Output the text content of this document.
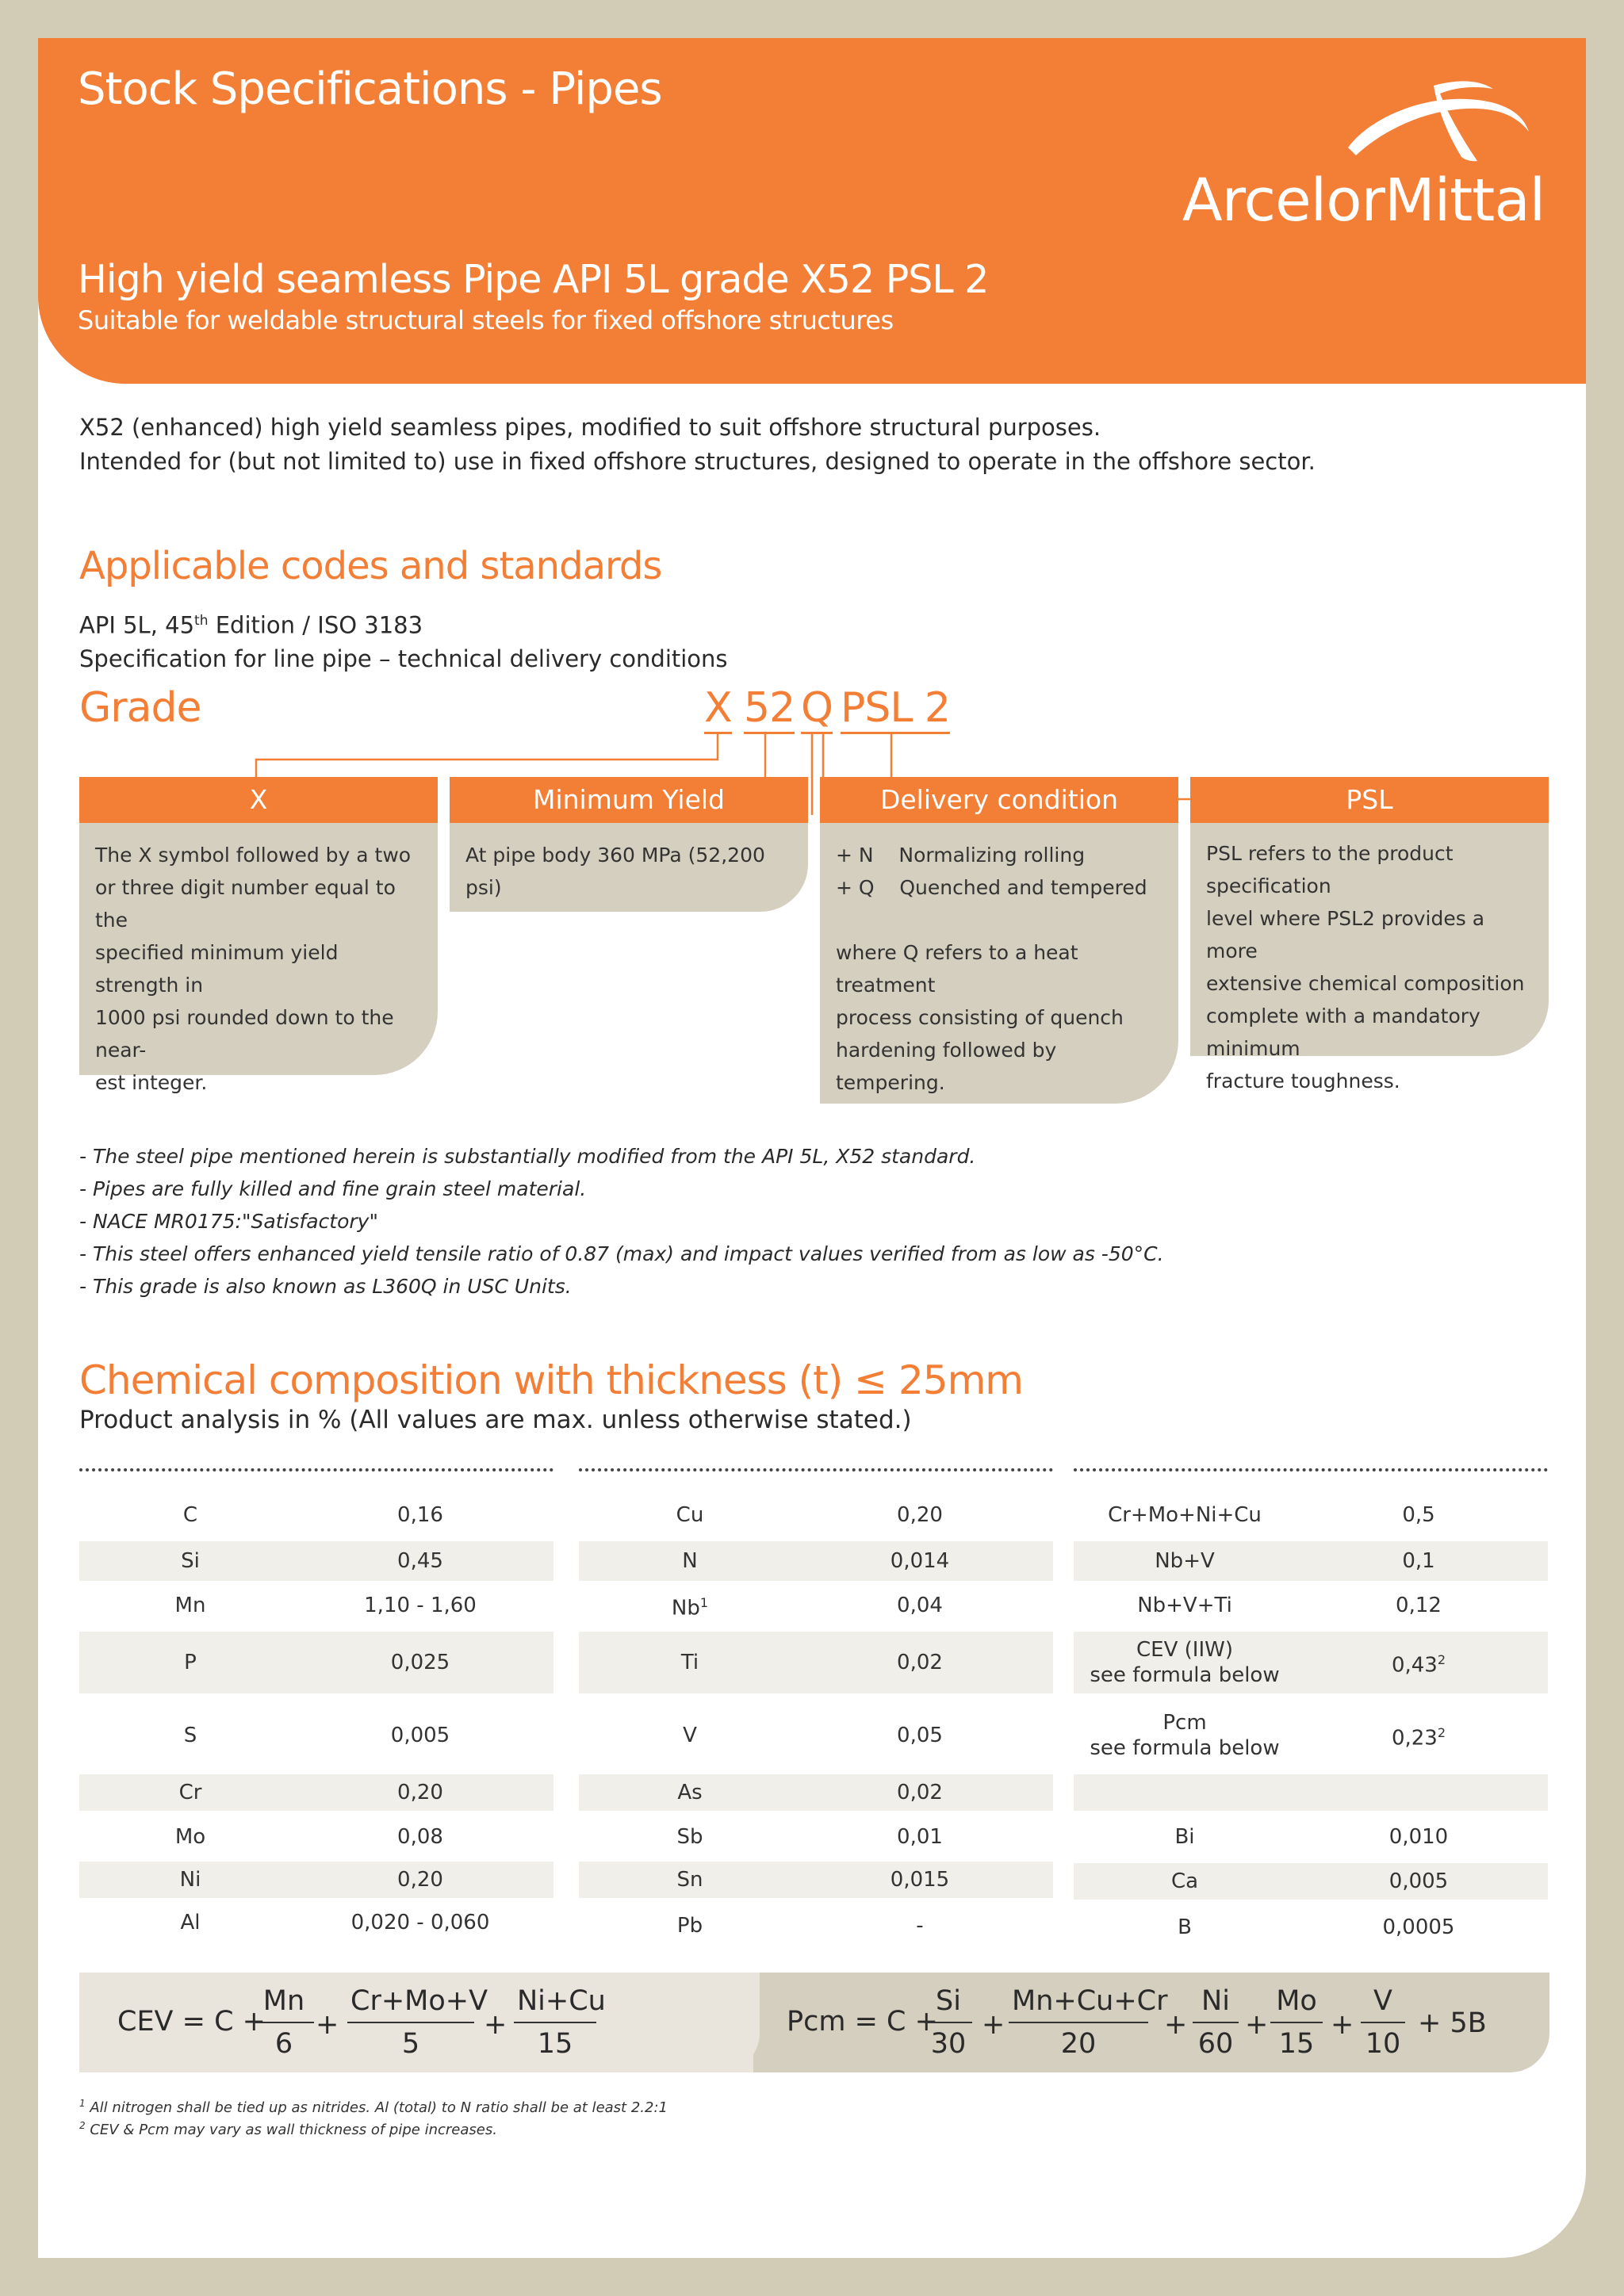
Stock Specifications - Pipes
ArcelorMittal
High yield seamless Pipe API 5L grade X52 PSL 2
Suitable for weldable structural steels for fixed offshore structures
X52 (enhanced) high yield seamless pipes, modified to suit offshore structural purposes.
Intended for (but not limited to) use in fixed offshore structures, designed to operate in the offshore sector.
Applicable codes and standards
API 5L, 45th Edition / ISO 3183
Specification for line pipe – technical delivery conditions
Grade	X 52 Q PSL 2
X
The X symbol followed by a two
or three digit number equal to the
specified minimum yield strength in
1000 psi rounded down to the near-
est integer.
Minimum Yield
At pipe body 360 MPa (52,200 psi)
Delivery condition
+ N    Normalizing rolling
+ Q    Quenched and tempered
where Q refers to a heat treatment
process consisting of quench
hardening followed by tempering.
PSL
PSL refers to the product specification
level where PSL2 provides a more
extensive chemical composition
complete with a mandatory minimum
fracture toughness.
- The steel pipe mentioned herein is substantially modified from the API 5L, X52 standard.
- Pipes are fully killed and fine grain steel material.
- NACE MR0175:"Satisfactory"
- This steel offers enhanced yield tensile ratio of 0.87 (max) and impact values verified from as low as -50°C.
- This grade is also known as L360Q in USC Units.
Chemical composition with thickness (t) ≤ 25mm
Product analysis in % (All values are max. unless otherwise stated.)
C	0,16
Si	0,45
Mn	1,10 - 1,60
P	0,025
S	0,005
Cr	0,20
Mo	0,08
Ni	0,20
Al	0,020 - 0,060
Cu	0,20
N	0,014
Nb$^1$	0,04
Ti	0,02
V	0,05
As	0,02
Sb	0,01
Sn	0,015
Pb	-
Cr+Mo+Ni+Cu	0,5
Nb+V	0,1
Nb+V+Ti	0,12
CEV (IIW)
see formula below	0,43$^2$
Pcm
see formula below	0,23$^2$
Bi	0,010
Ca	0,005
B	0,0005
CEV = C +
$\frac{Mn}{6} + \frac{Cr+Mo+V}{5} + \frac{Ni+Cu}{15}$	Pcm = C +
$\frac{Si}{30} + \frac{Mn+Cu+Cr}{20} + \frac{Ni}{60} + \frac{Mo}{15} + \frac{V}{10} + 5B$
$^1$ All nitrogen shall be tied up as nitrides. Al (total) to N ratio shall be at least 2.2:1
$^2$ CEV & Pcm may vary as wall thickness of pipe increases.
